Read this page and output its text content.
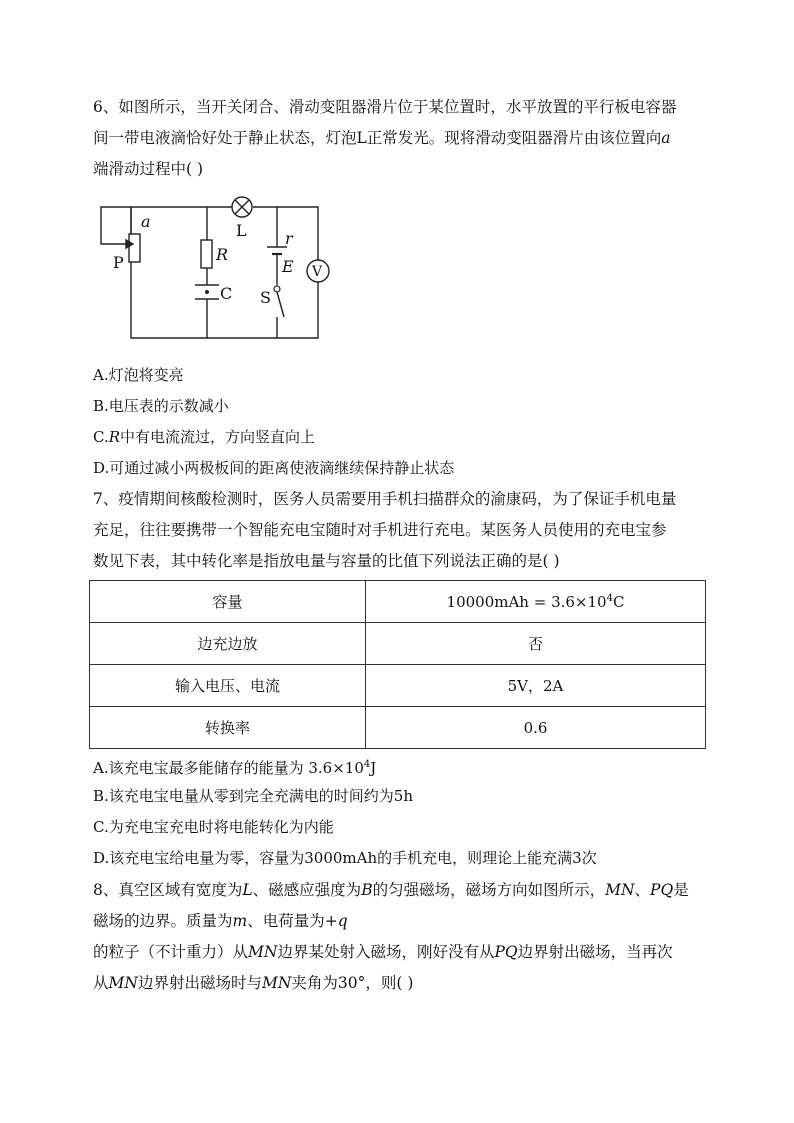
6、如图所示，当开关闭合、滑动变阻器滑片位于某位置时，水平放置的平行板电容器
间一带电液滴恰好处于静止状态，灯泡L正常发光。现将滑动变阻器滑片由该位置向a
端滑动过程中( )
a
P	R
C
L r
E
S
V
A.灯泡将变亮
B.电压表的示数减小
C.R中有电流流过，方向竖直向上
D.可通过减小两极板间的距离使液滴继续保持静止状态
7、疫情期间核酸检测时，医务人员需要用手机扫描群众的渝康码，为了保证手机电量
充足，往往要携带一个智能充电宝随时对手机进行充电。某医务人员使用的充电宝参
数见下表，其中转化率是指放电量与容量的比值下列说法正确的是( )
容量	$10000mAh = 3.6\times 10^4C$
边充边放	否
输入电压、电流	5V，2A
转换率	0.6
A.该充电宝最多能储存的能量为 $3.6\times 10^4J$
B.该充电宝电量从零到完全充满电的时间约为5h
C.为充电宝充电时将电能转化为内能
D.该充电宝给电量为零，容量为3000mAh的手机充电，则理论上能充满3次
8、真空区域有宽度为L、磁感应强度为B的匀强磁场，磁场方向如图所示，MN、PQ是
磁场的边界。质量为m、电荷量为+q
的粒子（不计重力）从MN边界某处射入磁场，刚好没有从PQ边界射出磁场，当再次
从MN边界射出磁场时与MN夹角为30°，则( )
